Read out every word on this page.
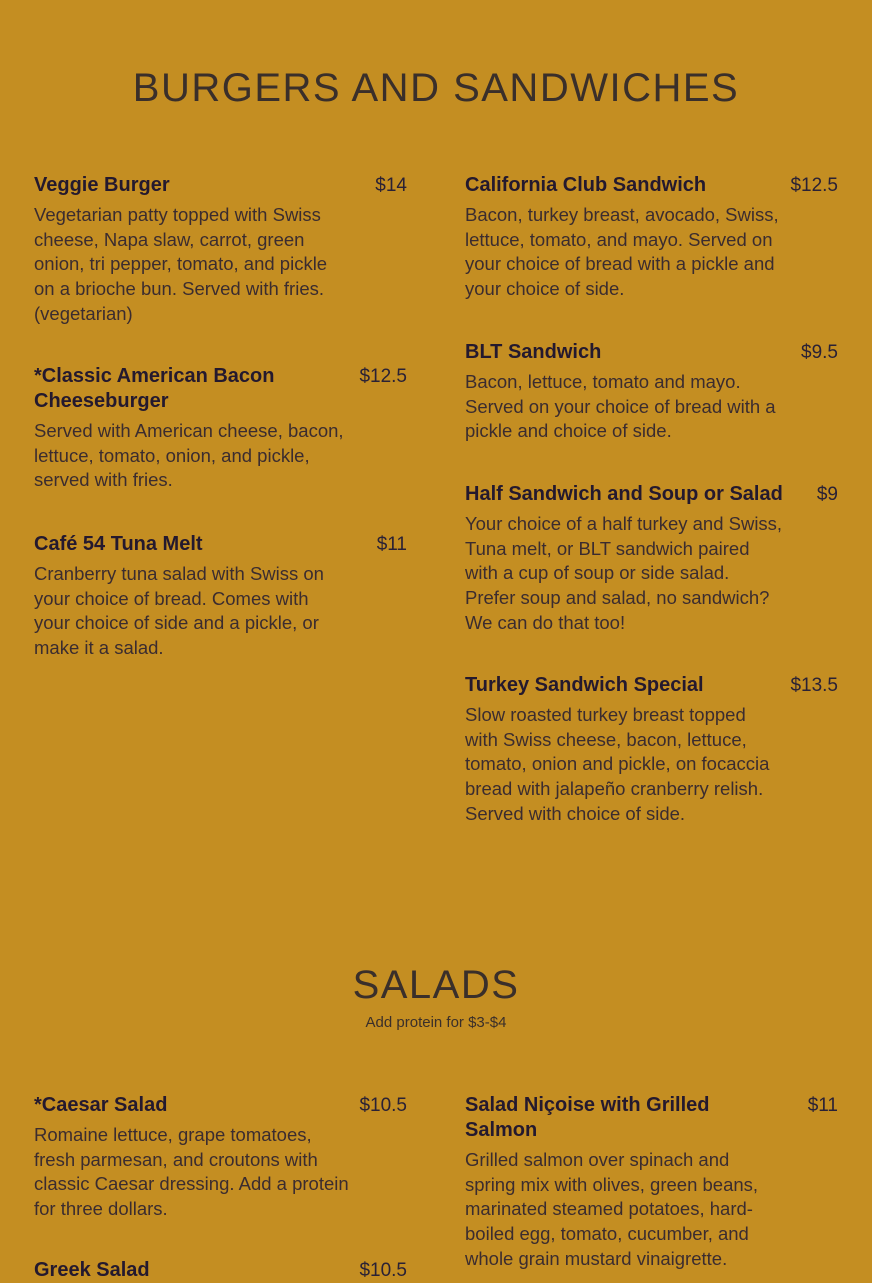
BURGERS AND SANDWICHES
Veggie Burger	$14
Vegetarian patty topped with Swiss cheese, Napa slaw, carrot, green onion, tri pepper, tomato, and pickle on a brioche bun. Served with fries. (vegetarian)
*Classic American Bacon Cheeseburger
$12.5
Served with American cheese, bacon, lettuce, tomato, onion, and pickle, served with fries.
Café 54 Tuna Melt	$11
Cranberry tuna salad with Swiss on your choice of bread. Comes with your choice of side and a pickle, or make it a salad.
California Club Sandwich	$12.5
Bacon, turkey breast, avocado, Swiss, lettuce, tomato, and mayo. Served on your choice of bread with a pickle and your choice of side.
BLT Sandwich	$9.5
Bacon, lettuce, tomato and mayo. Served on your choice of bread with a pickle and choice of side.
Half Sandwich and Soup or Salad	$9
Your choice of a half turkey and Swiss, Tuna melt, or BLT sandwich paired with a cup of soup or side salad. Prefer soup and salad, no sandwich? We can do that too!
Turkey Sandwich Special	$13.5
Slow roasted turkey breast topped with Swiss cheese, bacon, lettuce, tomato, onion and pickle, on focaccia bread with jalapeño cranberry relish. Served with choice of side.
SALADS
Add protein for $3-$4
*Caesar Salad	$10.5
Romaine lettuce, grape tomatoes, fresh parmesan, and croutons with classic Caesar dressing. Add a protein for three dollars.
Greek Salad	$10.5
Salad Niçoise with Grilled Salmon
$11
Grilled salmon over spinach and spring mix with olives, green beans, marinated steamed potatoes, hard-boiled egg, tomato, cucumber, and whole grain mustard vinaigrette.
